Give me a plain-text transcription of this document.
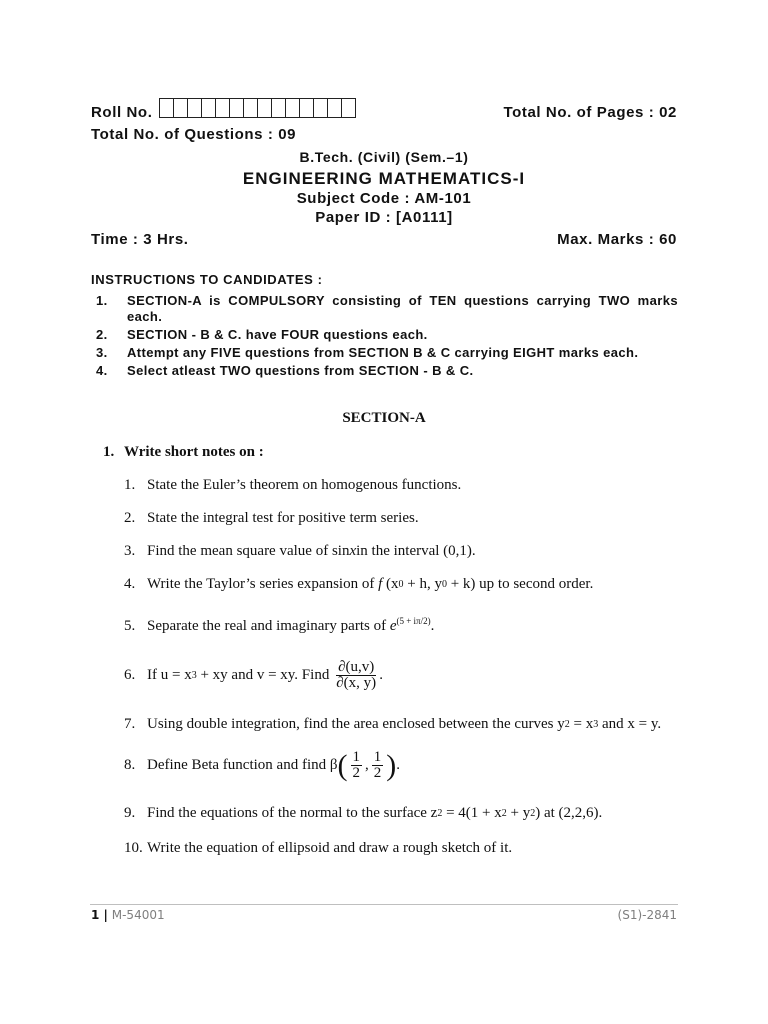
Roll No.	Total No. of Pages : 02
Total No. of Questions : 09
B.Tech. (Civil) (Sem.–1)
ENGINEERING MATHEMATICS-I
Subject Code : AM-101
Paper ID : [A0111]
Time : 3 Hrs.	Max. Marks : 60
INSTRUCTIONS TO CANDIDATES :
1.	SECTION-A is COMPULSORY consisting of TEN questions carrying TWO marks each.
2.	SECTION - B & C. have FOUR questions each.
3.	Attempt any FIVE questions from SECTION B & C carrying EIGHT marks each.
4.	Select atleast TWO questions from SECTION - B & C.
SECTION-A
1. Write short notes on :
1. State the Euler’s theorem on homogenous functions.
2. State the integral test for positive term series.
3. Find the mean square value of sin x in the interval (0,1).
4. Write the Taylor’s series expansion of f (x 0 + h, y 0 + k) up to second order.
5. Separate the real and imaginary parts of $e^{(5 + i\pi/2)}$ .
6. If u = x 3 + xy and v = xy. Find $\frac{\partial(u,v)}{\partial(x, y)}$ .
7. Using double integration, find the area enclosed between the curves y 2 = x 3 and x = y.
8. Define Beta function and find β ( $\frac{1}{2}$ , $\frac{1}{2}$ ) .
9. Find the equations of the normal to the surface z 2 = 4(1 + x 2 + y 2 ) at (2,2,6).
10. Write the equation of ellipsoid and draw a rough sketch of it.
1 | M-54001	(S1)-2841
